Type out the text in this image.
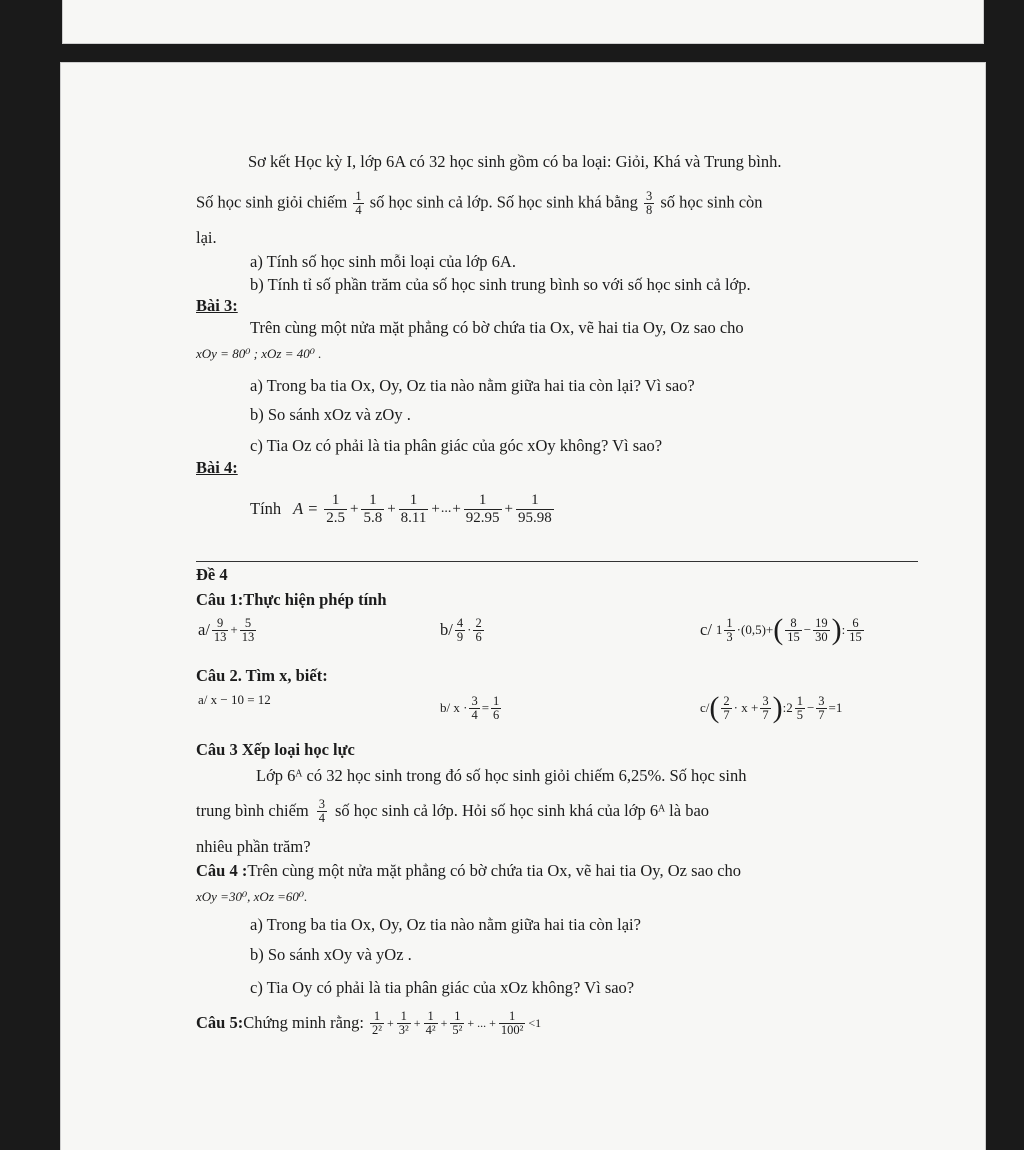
Sơ kết Học kỳ I, lớp 6A có 32 học sinh gồm có ba loại: Giỏi, Khá và Trung bình.
Số học sinh giỏi chiếm $\frac{1}{4}$ số học sinh cả lớp. Số học sinh khá bằng $\frac{3}{8}$ số học sinh còn
lại.
a) Tính số học sinh mỗi loại của lớp 6A.
b) Tính tỉ số phần trăm của số học sinh trung bình so với số học sinh cả lớp.
Bài 3:
Trên cùng một nửa mặt phẳng có bờ chứa tia Ox, vẽ hai tia Oy, Oz sao cho
xOy = 80⁰ ; xOz = 40⁰ .
a) Trong ba tia Ox, Oy, Oz tia nào nằm giữa hai tia còn lại? Vì sao?
b) So sánh xOz và zOy .
c) Tia Oz có phải là tia phân giác của góc xOy không? Vì sao?
Bài 4:
Tính $A = \frac{1}{2.5} + \frac{1}{5.8} + \frac{1}{8.11}$ + ... + $\frac{1}{92.95} + \frac{1}{95.98}$
Đề 4
Câu 1:Thực hiện phép tính
$a/ \frac{9}{13} + \frac{5}{13}$	$b/ \frac{4}{9} \cdot \frac{2}{6}$	c/ $1 \frac{1}{3} \cdot(0,5)+$ ( $\frac{8}{15} - \frac{19}{30}$ ) : $\frac{6}{15}$
Câu 2. Tìm x, biết:
a/ x − 10 = 12
b/ $x \cdot \frac{3}{4} = \frac{1}{6}$	c/ ( $\frac{2}{7} \cdot x + \frac{3}{7}$ ) : $2 \frac{1}{5} - \frac{3}{7} =1$
Câu 3 Xếp loại học lực
Lớp 6ᴬ có 32 học sinh trong đó số học sinh giỏi chiếm 6,25%. Số học sinh
trung bình chiếm $\frac{3}{4}$ số học sinh cả lớp. Hỏi số học sinh khá của lớp 6ᴬ là bao
nhiêu phần trăm?
Câu 4 :Trên cùng một nửa mặt phẳng có bờ chứa tia Ox, vẽ hai tia Oy, Oz sao cho
xOy =30⁰, xOz =60⁰.
a) Trong ba tia Ox, Oy, Oz tia nào nằm giữa hai tia còn lại?
b) So sánh xOy và yOz .
c) Tia Oy có phải là tia phân giác của xOz không? Vì sao?
Câu 5: Chứng minh rằng: $\frac{1}{\text{2²}} + \frac{1}{\text{3²}} + \frac{1}{\text{4²}} + \frac{1}{\text{5²}}$ + ... + $\frac{1}{\text{100²}} <1$
